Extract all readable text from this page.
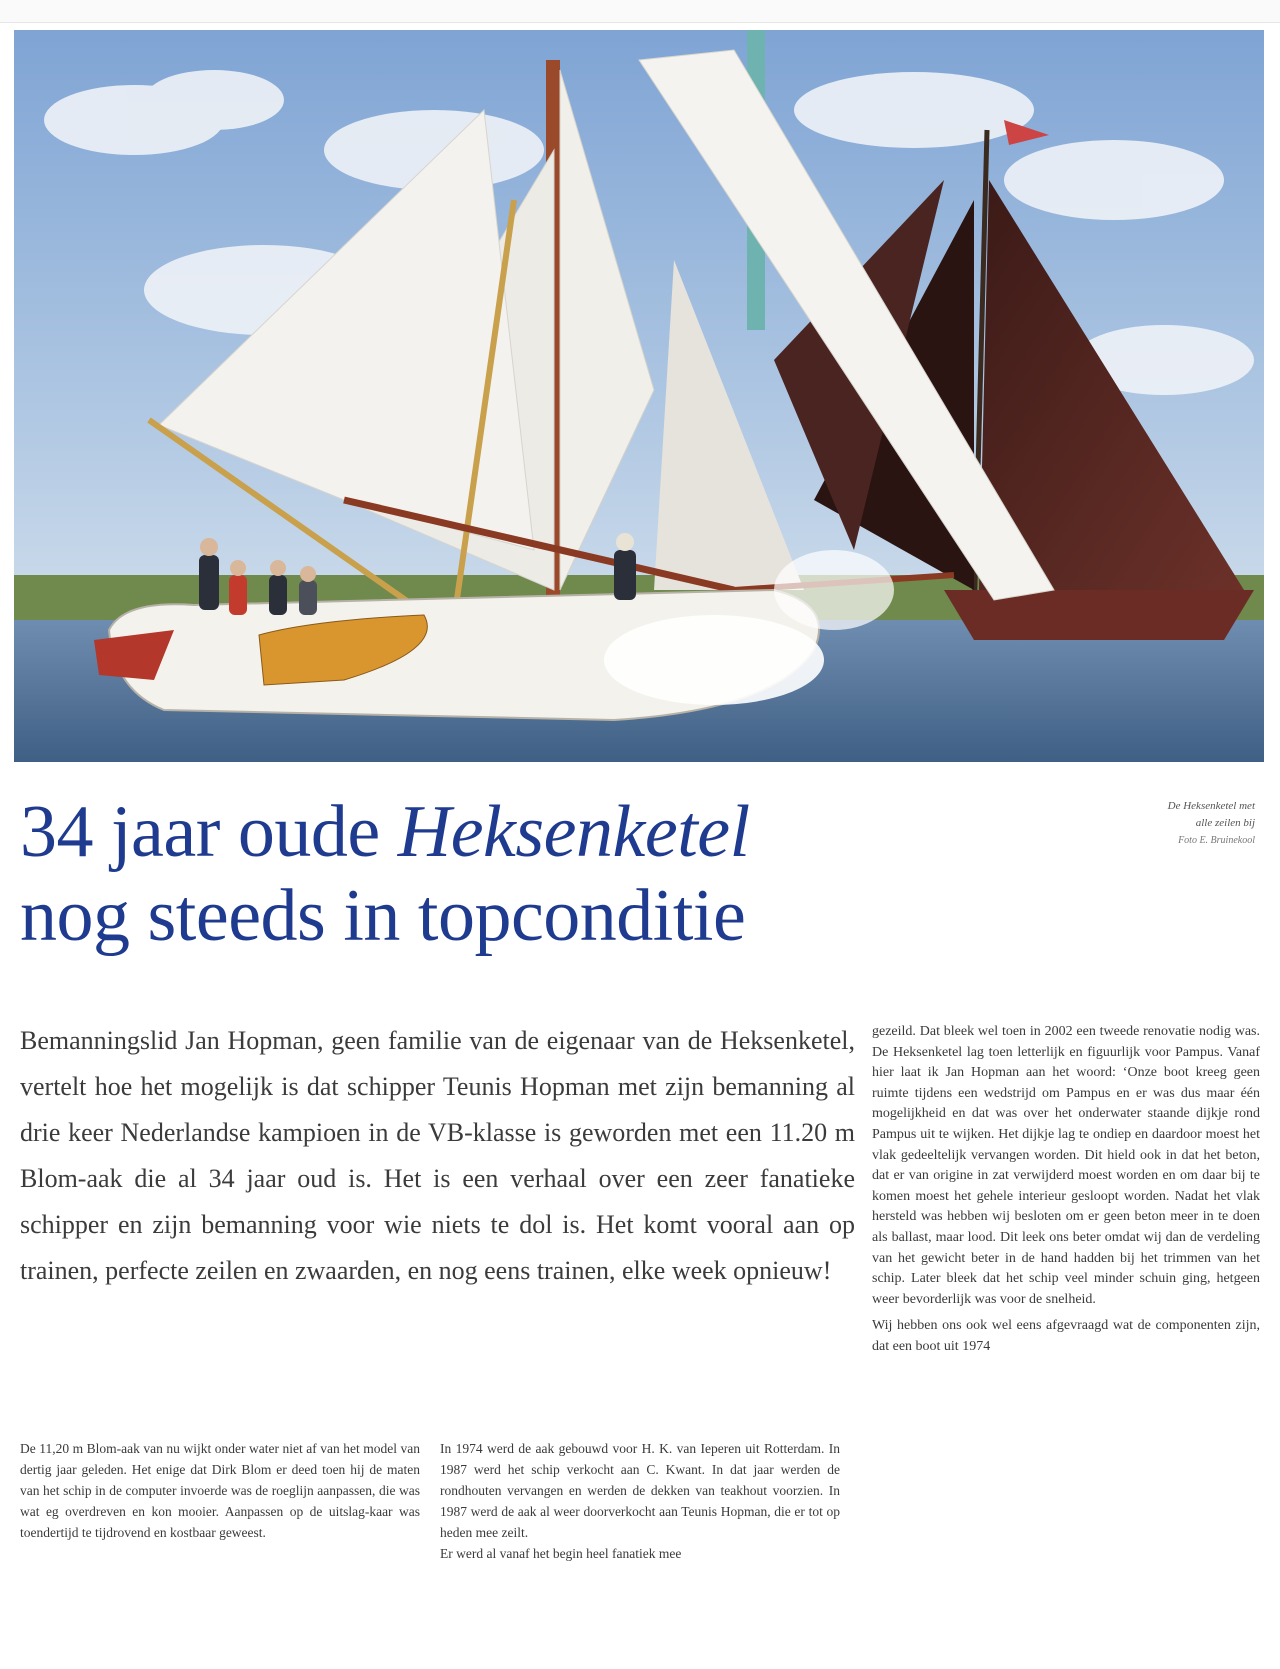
34 jaar oude Heksenketel
nog steeds in topconditie
De Heksenketel met
alle zeilen bij
Foto E. Bruinekool
Bemanningslid Jan Hopman, geen familie van de eigenaar van de Heksenketel, vertelt hoe het mogelijk is dat schipper Teunis Hopman met zijn bemanning al drie keer Nederlandse kampioen in de VB-klasse is geworden met een 11.20 m Blom-aak die al 34 jaar oud is. Het is een verhaal over een zeer fanatieke schipper en zijn bemanning voor wie niets te dol is. Het komt vooral aan op trainen, perfecte zeilen en zwaarden, en nog eens trainen, elke week opnieuw!

De 11,20 m Blom-aak van nu wijkt onder water niet af van het model van dertig jaar geleden. Het enige dat Dirk Blom er deed toen hij de maten van het schip in de computer invoerde was de roeglijn aanpassen, die was wat eg overdreven en kon mooier. Aanpassen op de uitslag-kaar was toendertijd te tijdrovend en kostbaar geweest.

In 1974 werd de aak gebouwd voor H. K. van Ieperen uit Rotterdam. In 1987 werd het schip verkocht aan C. Kwant. In dat jaar werden de rondhouten vervangen en werden de dekken van teakhout voorzien. In 1987 werd de aak al weer doorverkocht aan Teunis Hopman, die er tot op heden mee zeilt.

Er werd al vanaf het begin heel fanatiek mee

gezeild. Dat bleek wel toen in 2002 een tweede renovatie nodig was. De Heksenketel lag toen letterlijk en figuurlijk voor Pampus. Vanaf hier laat ik Jan Hopman aan het woord: ‘Onze boot kreeg geen ruimte tijdens een wedstrijd om Pampus en er was dus maar één mogelijkheid en dat was over het onderwater staande dijkje rond Pampus uit te wijken. Het dijkje lag te ondiep en daardoor moest het vlak gedeeltelijk vervangen worden. Dit hield ook in dat het beton, dat er van origine in zat verwijderd moest worden en om daar bij te komen moest het gehele interieur gesloopt worden. Nadat het vlak hersteld was hebben wij besloten om er geen beton meer in te doen als ballast, maar lood. Dit leek ons beter omdat wij dan de verdeling van het gewicht beter in de hand hadden bij het trimmen van het schip. Later bleek dat het schip veel minder schuin ging, hetgeen weer bevorderlijk was voor de snelheid.

Wij hebben ons ook wel eens afgevraagd wat de componenten zijn, dat een boot uit 1974
